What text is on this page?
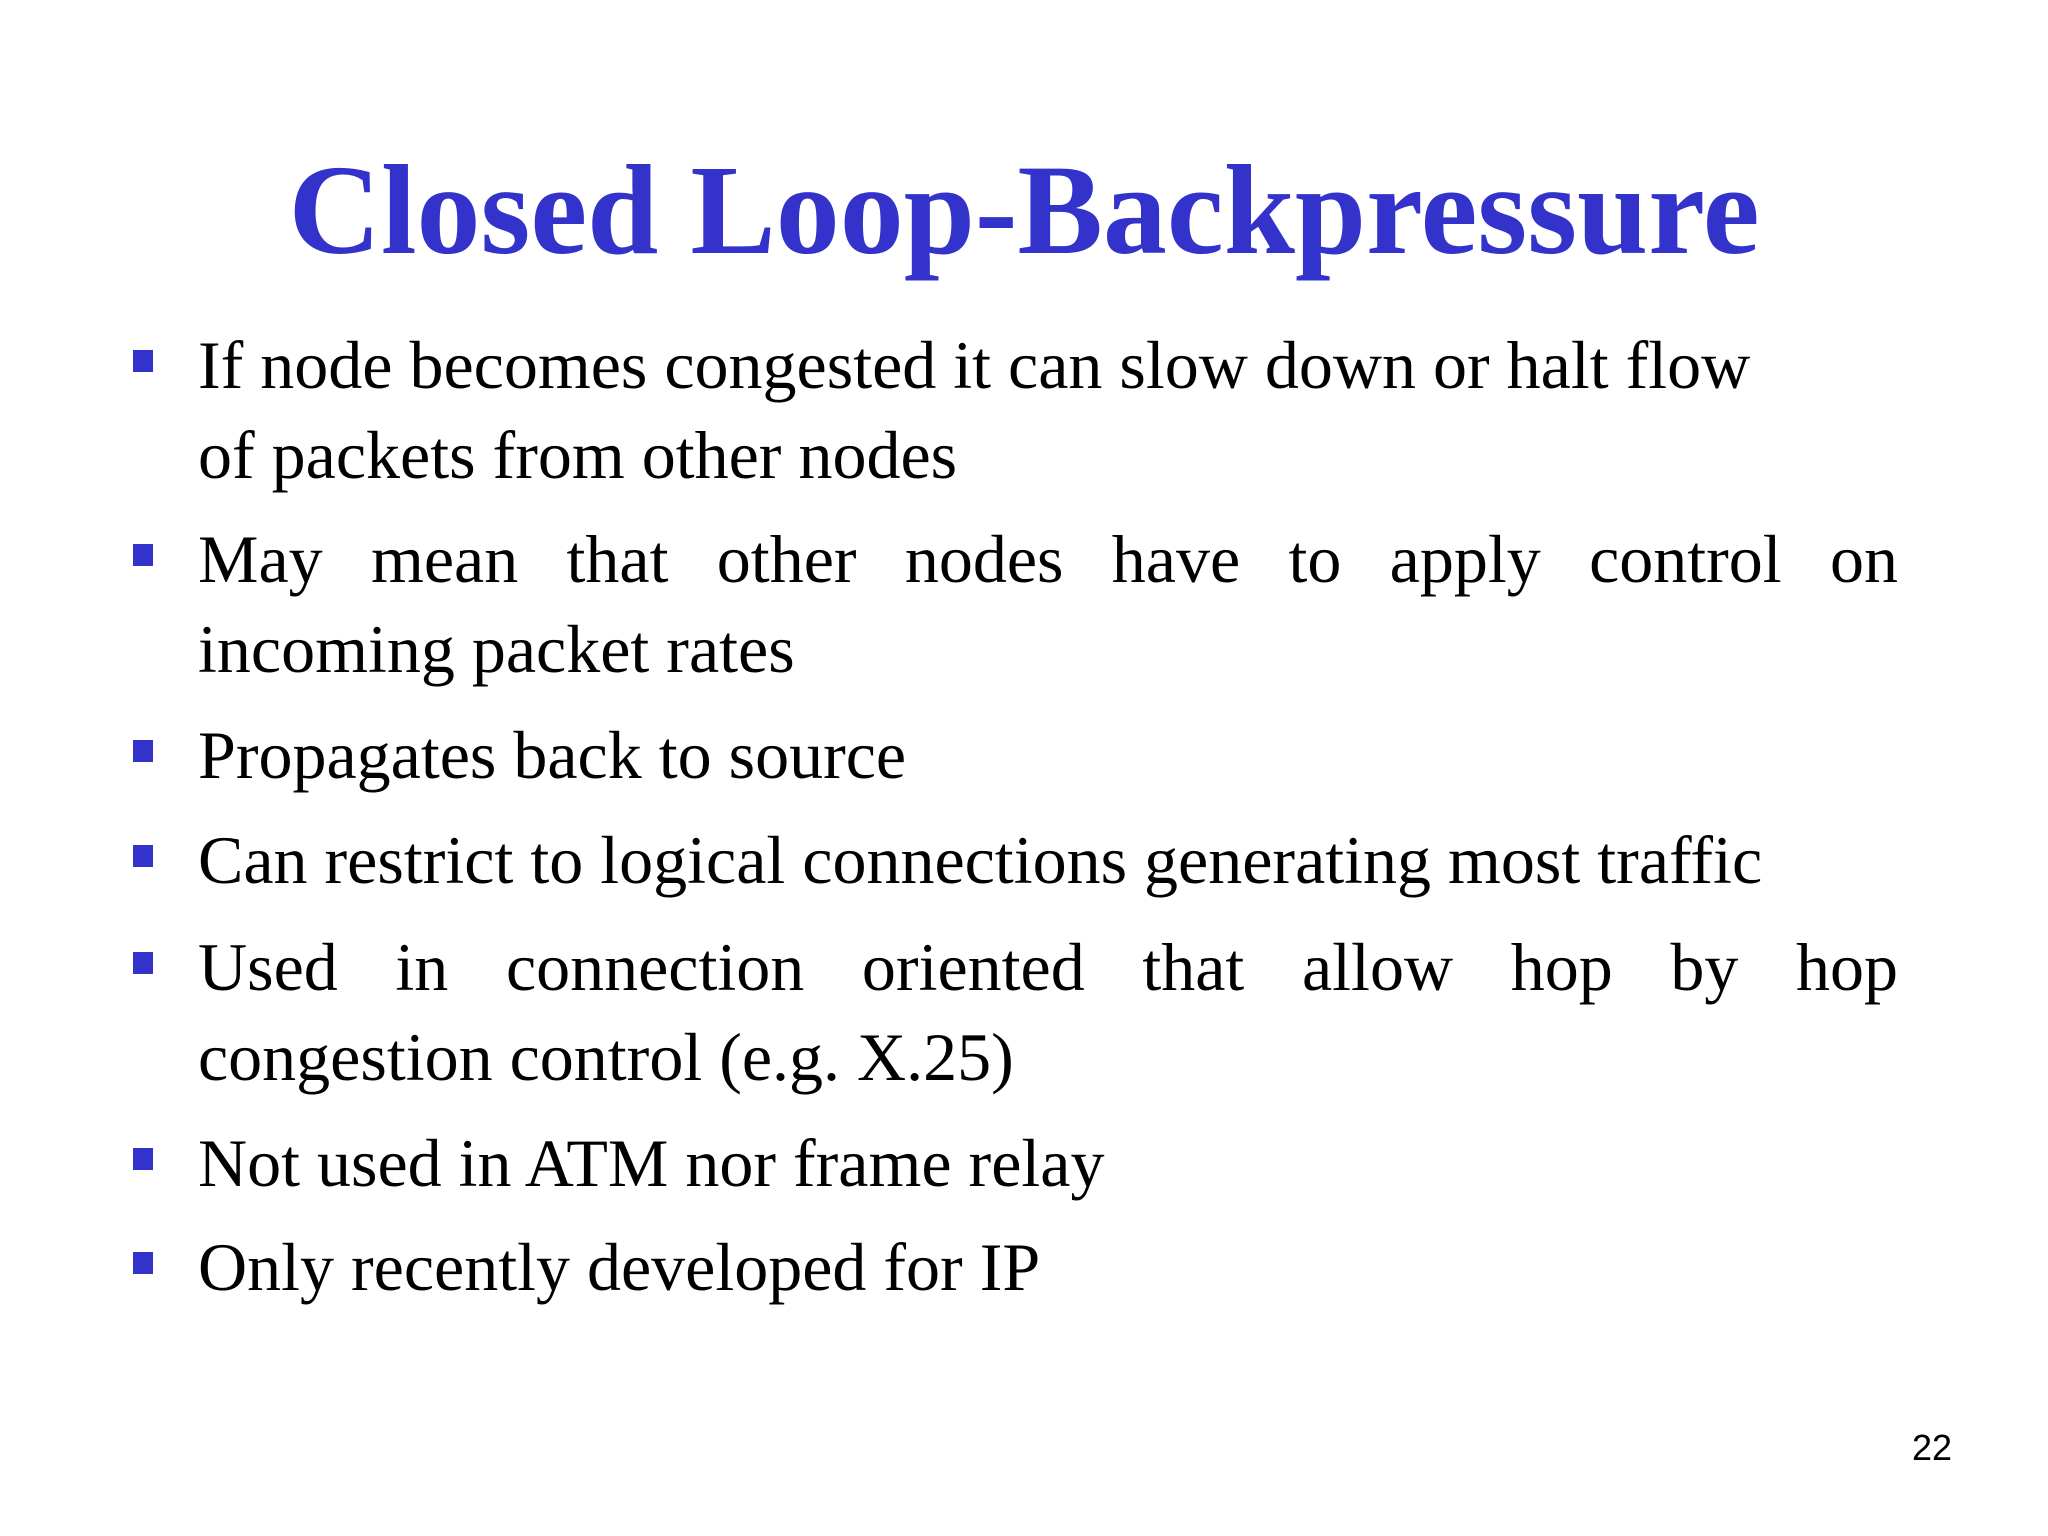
Closed Loop-Backpressure
If node becomes congested it can slow down or halt flow
of packets from other nodes
May mean that other nodes have to apply control on
incoming packet rates
Propagates back to source
Can restrict to logical connections generating most traffic
Used in connection oriented that allow hop by hop
congestion control (e.g. X.25)
Not used in ATM nor frame relay
Only recently developed for IP
22
